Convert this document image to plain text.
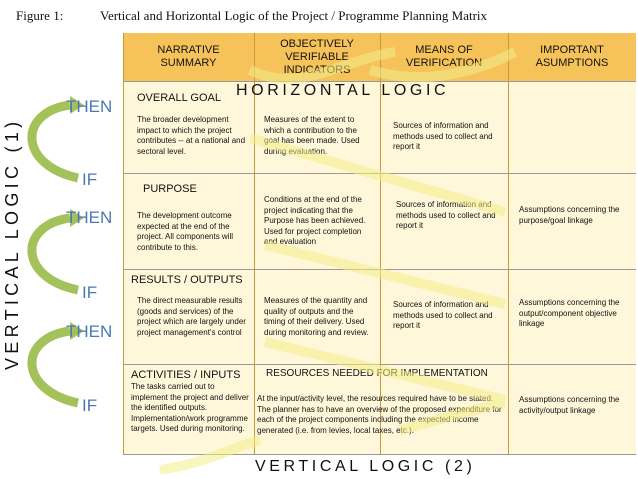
Figure 1:	Vertical and Horizontal Logic of the Project / Programme Planning Matrix
VERTICAL LOGIC (1)
THEN
IF
THEN
IF
THEN
IF
NARRATIVE
SUMMARY
OBJECTIVELY
VERIFIABLE
INDICATORS
MEANS OF
VERIFICATION
IMPORTANT
ASUMPTIONS
OVERALL GOAL
The broader development impact to which the project contributes -- at a national and sectoral level.
Measures of the extent to which a contribution to the goal has been made. Used during evaluation.
Sources of information and methods used to collect and report it
PURPOSE
The development outcome expected at the end of the project. All components will contribute to this.
Conditions at the end of the project indicating that the Purpose has been achieved. Used for project completion and evaluation
Sources of information and methods used to collect and report it
Assumptions concerning the purpose/goal linkage
RESULTS / OUTPUTS
The direct measurable results (goods and services) of the project which are largely under project management's control
Measures of the quantity and quality of outputs and the timing of their delivery. Used during monitoring and review.
Sources of information and methods used to collect and report it
Assumptions concerning the output/component objective linkage
ACTIVITIES / INPUTS
The tasks carried out to implement the project and deliver the identified outputs. Implementation/work programme targets. Used during monitoring.
RESOURCES NEEDED FOR IMPLEMENTATION
At the input/activity level, the resources required have to be stated. The planner has to have an overview of the proposed expenditure for each of the project components including the expected income generated (i.e. from levies, local taxes, etc.).
Assumptions concerning the activity/output linkage
HORIZONTAL LOGIC
VERTICAL LOGIC (2)
